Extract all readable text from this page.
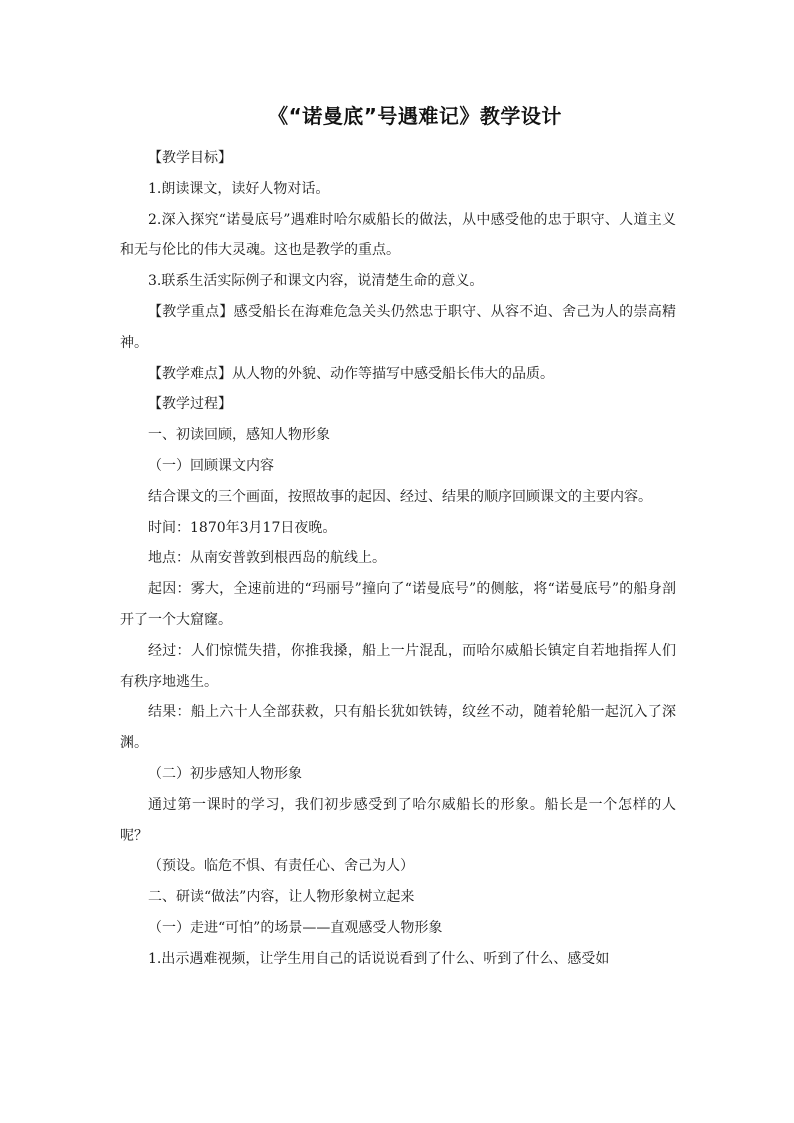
《“诺曼底”号遇难记》教学设计

【教学目标】

1.朗读课文，读好人物对话。

2.深入探究“诺曼底号”遇难时哈尔威船长的做法，从中感受他的忠于职守、人道主义和无与伦比的伟大灵魂。这也是教学的重点。

3.联系生活实际例子和课文内容，说清楚生命的意义。

【教学重点】感受船长在海难危急关头仍然忠于职守、从容不迫、舍己为人的崇高精神。

【教学难点】从人物的外貌、动作等描写中感受船长伟大的品质。

【教学过程】

一、初读回顾，感知人物形象

（一）回顾课文内容

结合课文的三个画面，按照故事的起因、经过、结果的顺序回顾课文的主要内容。

时间：1870年3月17日夜晚。

地点：从南安普敦到根西岛的航线上。

起因：雾大，全速前进的“玛丽号”撞向了“诺曼底号”的侧舷，将“诺曼底号”的船身剖开了一个大窟窿。

经过：人们惊慌失措，你推我搡，船上一片混乱，而哈尔威船长镇定自若地指挥人们有秩序地逃生。

结果：船上六十人全部获救，只有船长犹如铁铸，纹丝不动，随着轮船一起沉入了深渊。

（二）初步感知人物形象

通过第一课时的学习，我们初步感受到了哈尔威船长的形象。船长是一个怎样的人呢？

（预设。临危不惧、有责任心、舍己为人）

二、研读“做法”内容，让人物形象树立起来

（一）走进“可怕”的场景——直观感受人物形象

1.出示遇难视频，让学生用自己的话说说看到了什么、听到了什么、感受如
